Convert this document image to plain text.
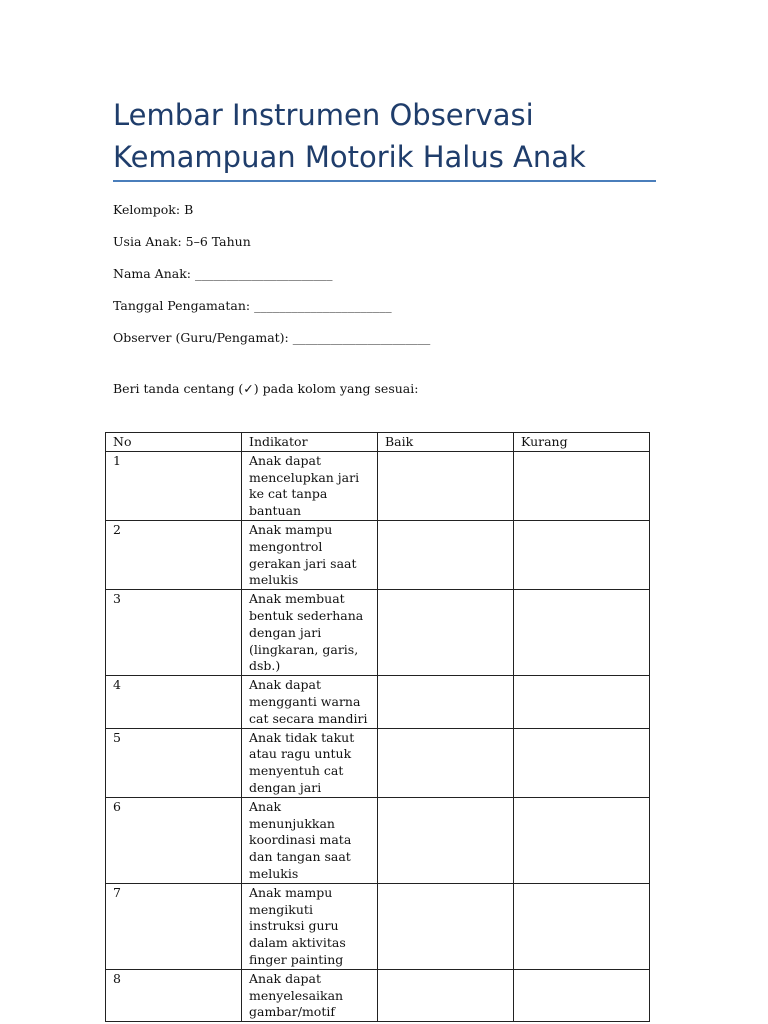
Lembar Instrumen Observasi
Kemampuan Motorik Halus Anak
Kelompok: B
Usia Anak: 5–6 Tahun
Nama Anak: ______________________
Tanggal Pengamatan: ______________________
Observer (Guru/Pengamat): ______________________
Beri tanda centang (✓) pada kolom yang sesuai:
No	Indikator	Baik	Kurang
1	Anak dapat mencelupkan jari ke cat tanpa bantuan		
2	Anak mampu mengontrol gerakan jari saat melukis		
3	Anak membuat bentuk sederhana dengan jari (lingkaran, garis, dsb.)		
4	Anak dapat mengganti warna cat secara mandiri		
5	Anak tidak takut atau ragu untuk menyentuh cat dengan jari		
6	Anak menunjukkan koordinasi mata dan tangan saat melukis		
7	Anak mampu mengikuti instruksi guru dalam aktivitas finger painting		
8	Anak dapat menyelesaikan gambar/motif		
